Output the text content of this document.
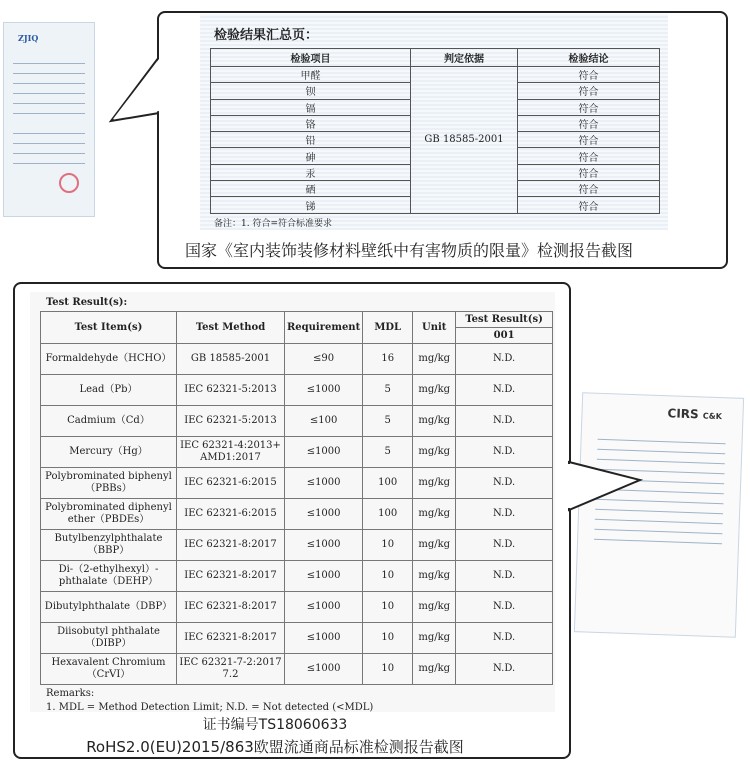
ZJIQ	检验结果汇总页：
检验项目	判定依据	检验结论
甲醛	GB 18585-2001	符合
钡		符合
镉		符合
铬		符合
铅		符合
砷		符合
汞		符合
硒		符合
锑		符合
备注：1. 符合=符合标准要求
国家《室内装饰装修材料壁纸中有害物质的限量》检测报告截图
CIRS C&K
Test Result(s):
Test Item(s)	Test Method	Requirement	MDL	Unit	Test Result(s)
					001
Formaldehyde（HCHO）	GB 18585-2001	≤90	16	mg/kg	N.D.
Lead（Pb）	IEC 62321-5:2013	≤1000	5	mg/kg	N.D.
Cadmium（Cd）	IEC 62321-5:2013	≤100	5	mg/kg	N.D.
Mercury（Hg）	IEC 62321-4:2013+ AMD1:2017	≤1000	5	mg/kg	N.D.
Polybrominated biphenyl（PBBs）	IEC 62321-6:2015	≤1000	100	mg/kg	N.D.
Polybrominated diphenyl ether（PBDEs）	IEC 62321-6:2015	≤1000	100	mg/kg	N.D.
Butylbenzylphthalate（BBP）	IEC 62321-8:2017	≤1000	10	mg/kg	N.D.
Di-（2-ethylhexyl）-phthalate（DEHP）	IEC 62321-8:2017	≤1000	10	mg/kg	N.D.
Dibutylphthalate（DBP）	IEC 62321-8:2017	≤1000	10	mg/kg	N.D.
Diisobutyl phthalate（DIBP）	IEC 62321-8:2017	≤1000	10	mg/kg	N.D.
Hexavalent Chromium（CrVI）	IEC 62321-7-2:2017 7.2	≤1000	10	mg/kg	N.D.
Remarks:
1. MDL = Method Detection Limit; N.D. = Not detected (<MDL)
证书编号TS18060633
RoHS2.0(EU)2015/863欧盟流通商品标准检测报告截图
